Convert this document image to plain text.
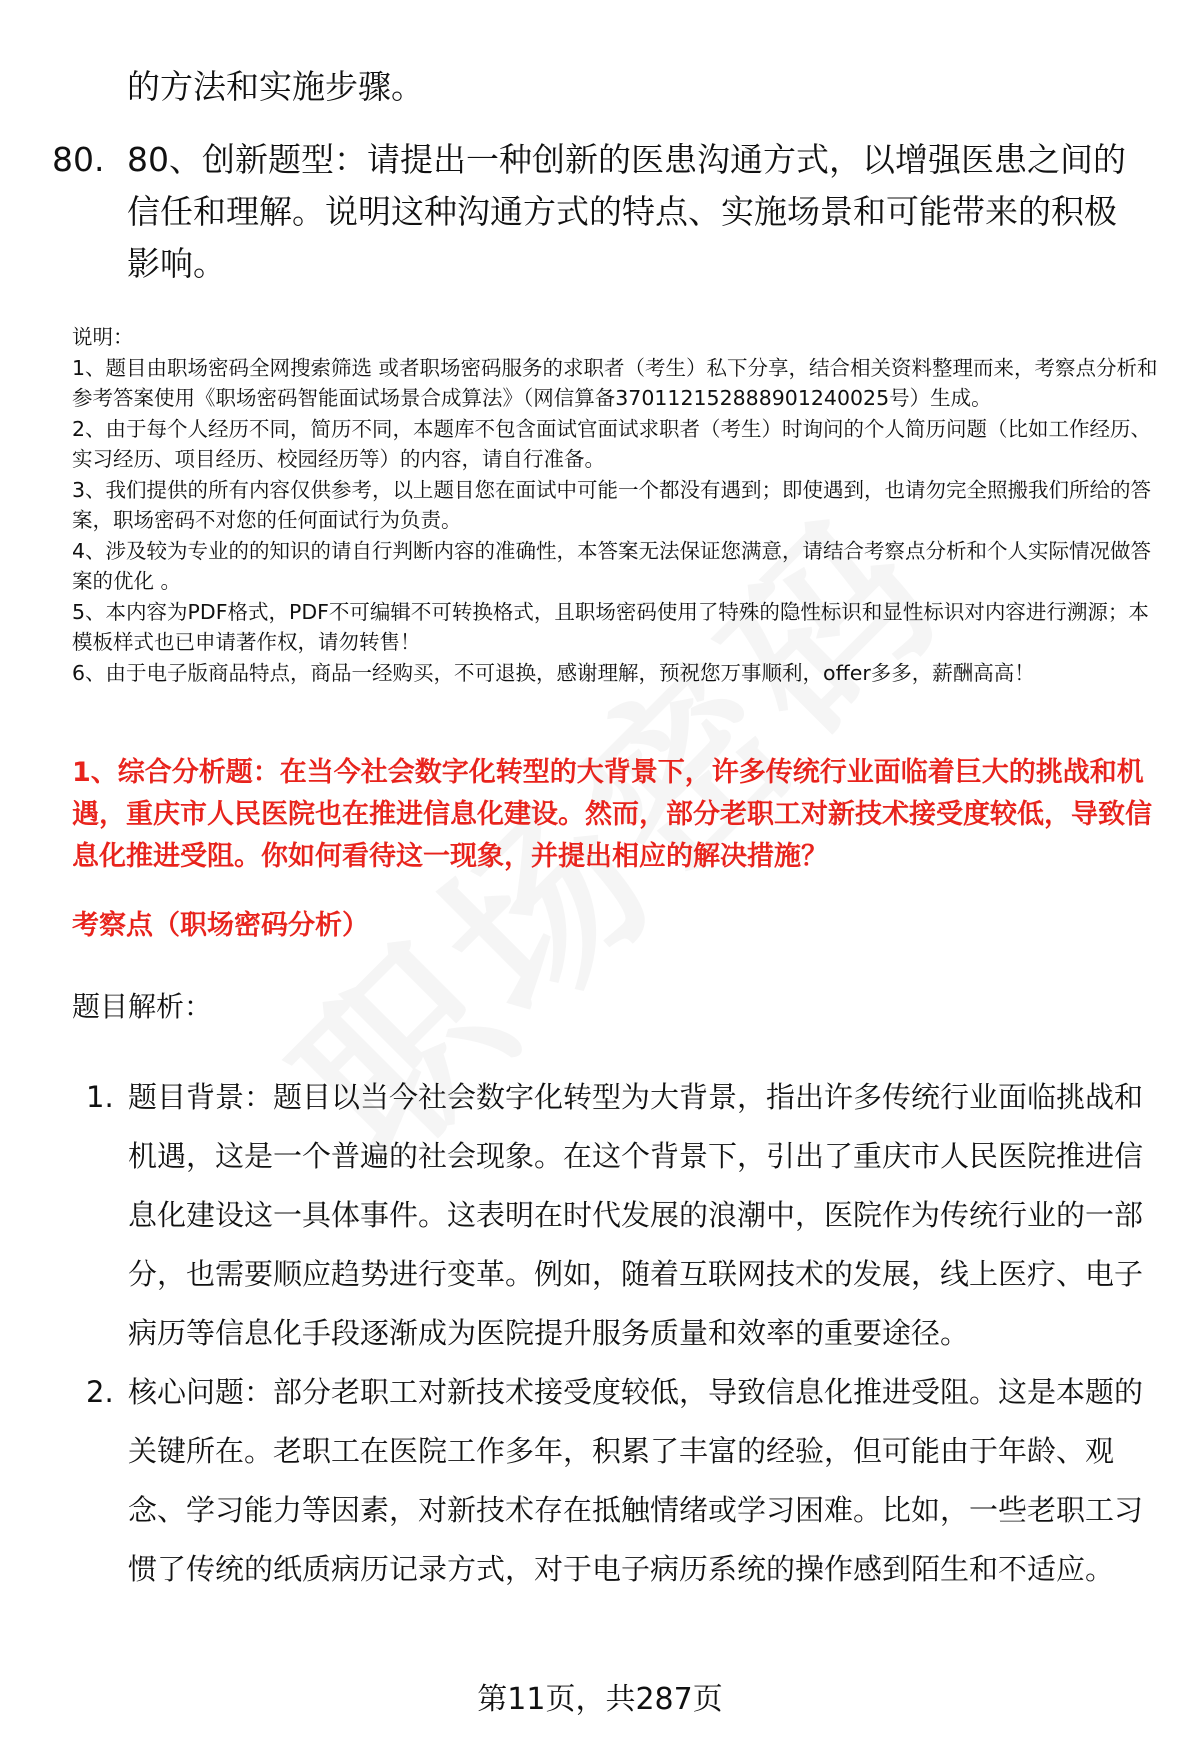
的方法和实施步骤。
80. 80、创新题型：请提出一种创新的医患沟通方式，以增强医患之间的信任和理解。说明这种沟通方式的特点、实施场景和可能带来的积极影响。
说明：
1、题目由职场密码全网搜索筛选 或者职场密码服务的求职者（考生）私下分享，结合相关资料整理而来，考察点分析和参考答案使用《职场密码智能面试场景合成算法》（网信算备370112152888901240025号）生成。
2、由于每个人经历不同，简历不同，本题库不包含面试官面试求职者（考生）时询问的个人简历问题（比如工作经历、实习经历、项目经历、校园经历等）的内容，请自行准备。
3、我们提供的所有内容仅供参考，以上题目您在面试中可能一个都没有遇到；即使遇到，也请勿完全照搬我们所给的答案，职场密码不对您的任何面试行为负责。
4、涉及较为专业的的知识的请自行判断内容的准确性，本答案无法保证您满意，请结合考察点分析和个人实际情况做答案的优化 。
5、本内容为PDF格式，PDF不可编辑不可转换格式，且职场密码使用了特殊的隐性标识和显性标识对内容进行溯源；本模板样式也已申请著作权，请勿转售！
6、由于电子版商品特点，商品一经购买，不可退换，感谢理解，预祝您万事顺利，offer多多，薪酬高高！
1、综合分析题：在当今社会数字化转型的大背景下，许多传统行业面临着巨大的挑战和机遇，重庆市人民医院也在推进信息化建设。然而，部分老职工对新技术接受度较低，导致信息化推进受阻。你如何看待这一现象，并提出相应的解决措施？
考察点（职场密码分析）
题目解析：
1. 题目背景：题目以当今社会数字化转型为大背景，指出许多传统行业面临挑战和机遇，这是一个普遍的社会现象。在这个背景下，引出了重庆市人民医院推进信息化建设这一具体事件。这表明在时代发展的浪潮中，医院作为传统行业的一部分，也需要顺应趋势进行变革。例如，随着互联网技术的发展，线上医疗、电子病历等信息化手段逐渐成为医院提升服务质量和效率的重要途径。
2. 核心问题：部分老职工对新技术接受度较低，导致信息化推进受阻。这是本题的关键所在。老职工在医院工作多年，积累了丰富的经验，但可能由于年龄、观念、学习能力等因素，对新技术存在抵触情绪或学习困难。比如，一些老职工习惯了传统的纸质病历记录方式，对于电子病历系统的操作感到陌生和不适应。
第11页，共287页
